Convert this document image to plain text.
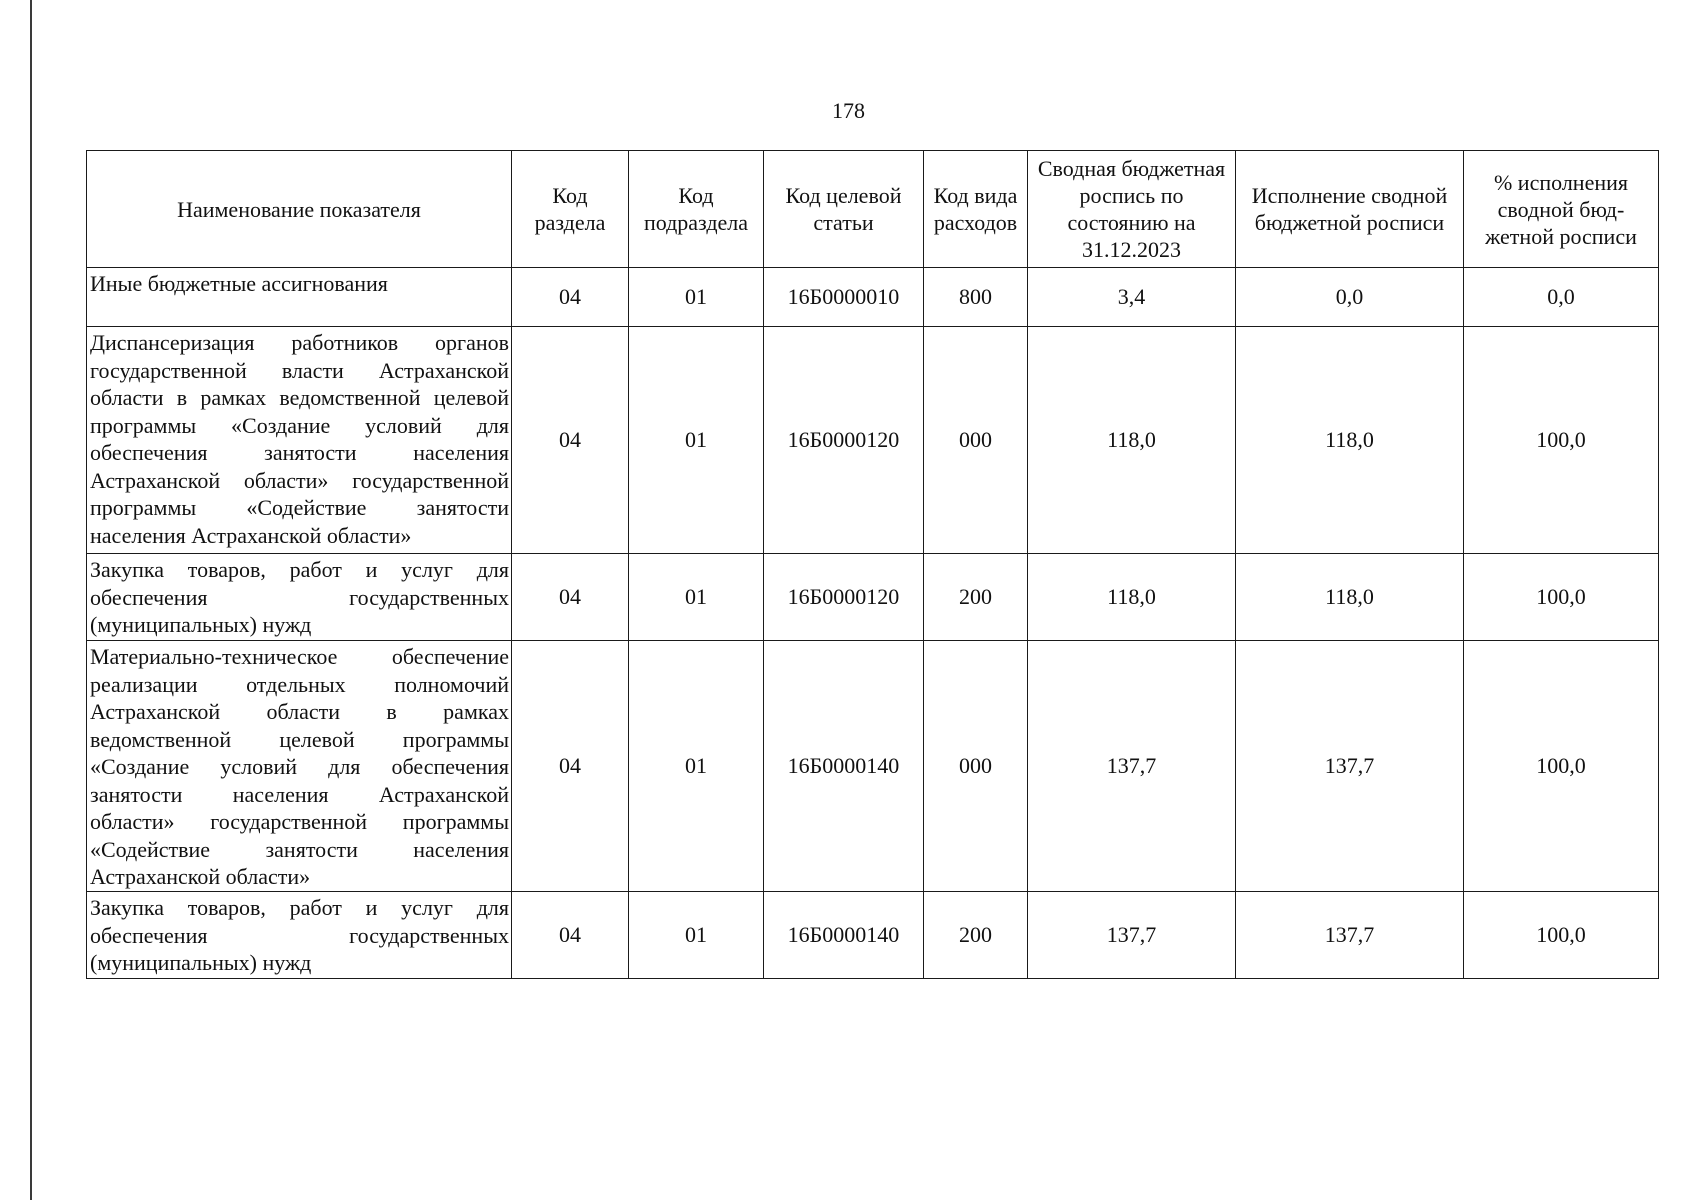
178
Наименование показателя	Код раздела	Код подраздела	Код целевой статьи	Код вида расходов	Сводная бюджетная роспись по состоянию на 31.12.2023	Исполнение сводной бюджетной росписи	% исполнения сводной бюд- жетной росписи
Иные бюджетные ассигнования	04	01	16Б0000010	800	3,4	0,0	0,0
Диспансеризация работников органов государственной власти Астраханской области в рамках ведомственной целевой программы «Создание условий для обеспечения занятости населения Астраханской области» государственной программы «Содействие занятости населения Астраханской области»	04	01	16Б0000120	000	118,0	118,0	100,0
Закупка товаров, работ и услуг для обеспечения государственных (муниципальных) нужд	04	01	16Б0000120	200	118,0	118,0	100,0
Материально-техническое обеспечение реализации отдельных полномочий Астраханской области в рамках ведомственной целевой программы «Создание условий для обеспечения занятости населения Астраханской области» государственной программы «Содействие занятости населения Астраханской области»	04	01	16Б0000140	000	137,7	137,7	100,0
Закупка товаров, работ и услуг для обеспечения государственных (муниципальных) нужд	04	01	16Б0000140	200	137,7	137,7	100,0
